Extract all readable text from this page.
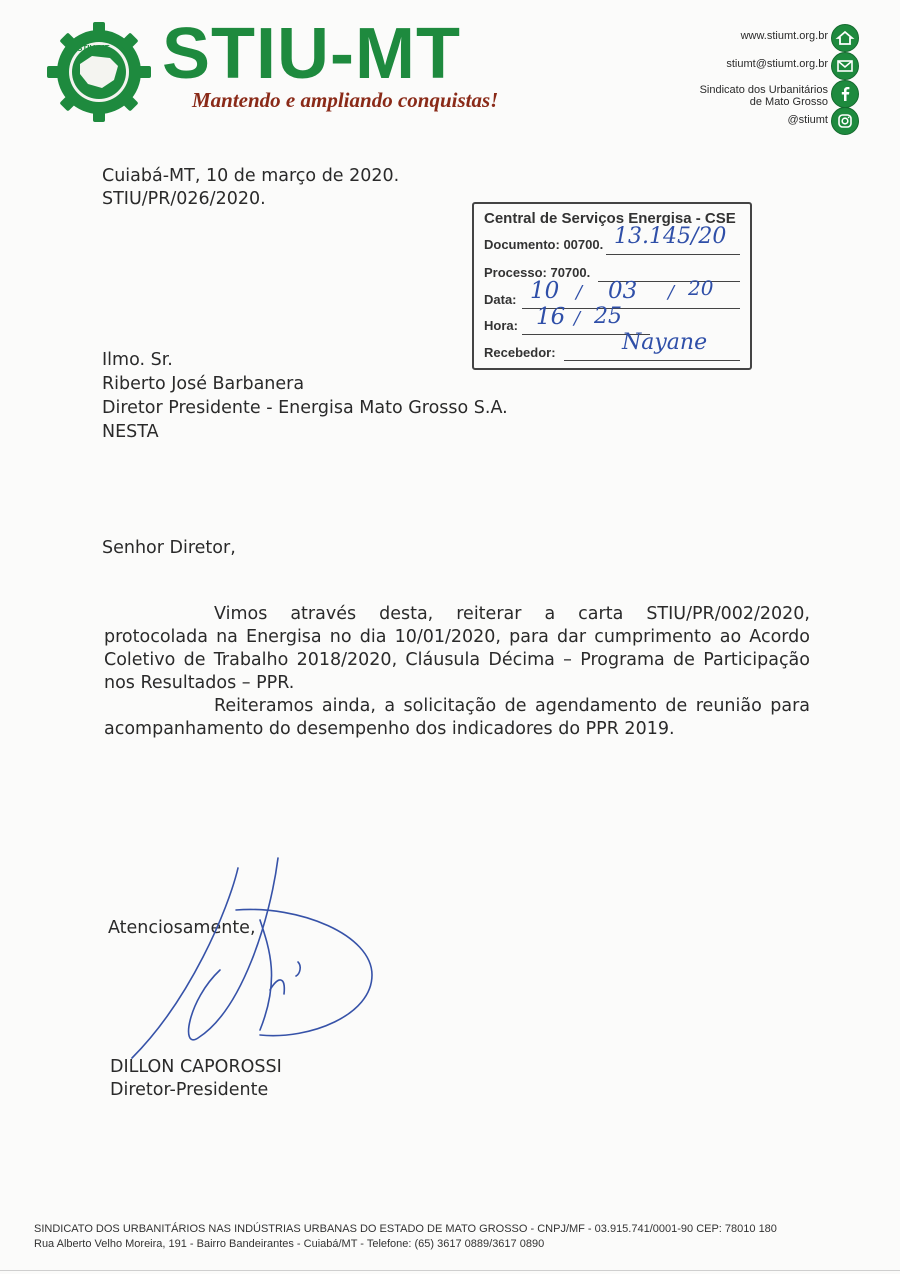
STIU-MT STIU-MT
Mantendo e ampliando conquistas!
www.stiumt.org.br
stiumt@stiumt.org.br
Sindicato dos Urbanitários
de Mato Grosso
@stiumt
Cuiabá-MT, 10 de março de 2020.
STIU/PR/026/2020.
Central de Serviços Energisa - CSE
Documento: 00700. 13.145/20
Processo: 70700.
Data: 10 / 03 / 20
Hora: 16 / 25
Recebedor:	Nayane
Ilmo. Sr.
Riberto José Barbanera
Diretor Presidente - Energisa Mato Grosso S.A.
NESTA
Senhor Diretor,
Vimos através desta, reiterar a carta STIU/PR/002/2020, protocolada na Energisa no dia 10/01/2020, para dar cumprimento ao Acordo Coletivo de Trabalho 2018/2020, Cláusula Décima – Programa de Participação nos Resultados – PPR.
Reiteramos ainda, a solicitação de agendamento de reunião para acompanhamento do desempenho dos indicadores do PPR 2019.
Atenciosamente,
DILLON CAPOROSSI
Diretor-Presidente
SINDICATO DOS URBANITÁRIOS NAS INDÚSTRIAS URBANAS DO ESTADO DE MATO GROSSO - CNPJ/MF - 03.915.741/0001-90 CEP: 78010 180
Rua Alberto Velho Moreira, 191 - Bairro Bandeirantes - Cuiabá/MT - Telefone: (65) 3617 0889/3617 0890
